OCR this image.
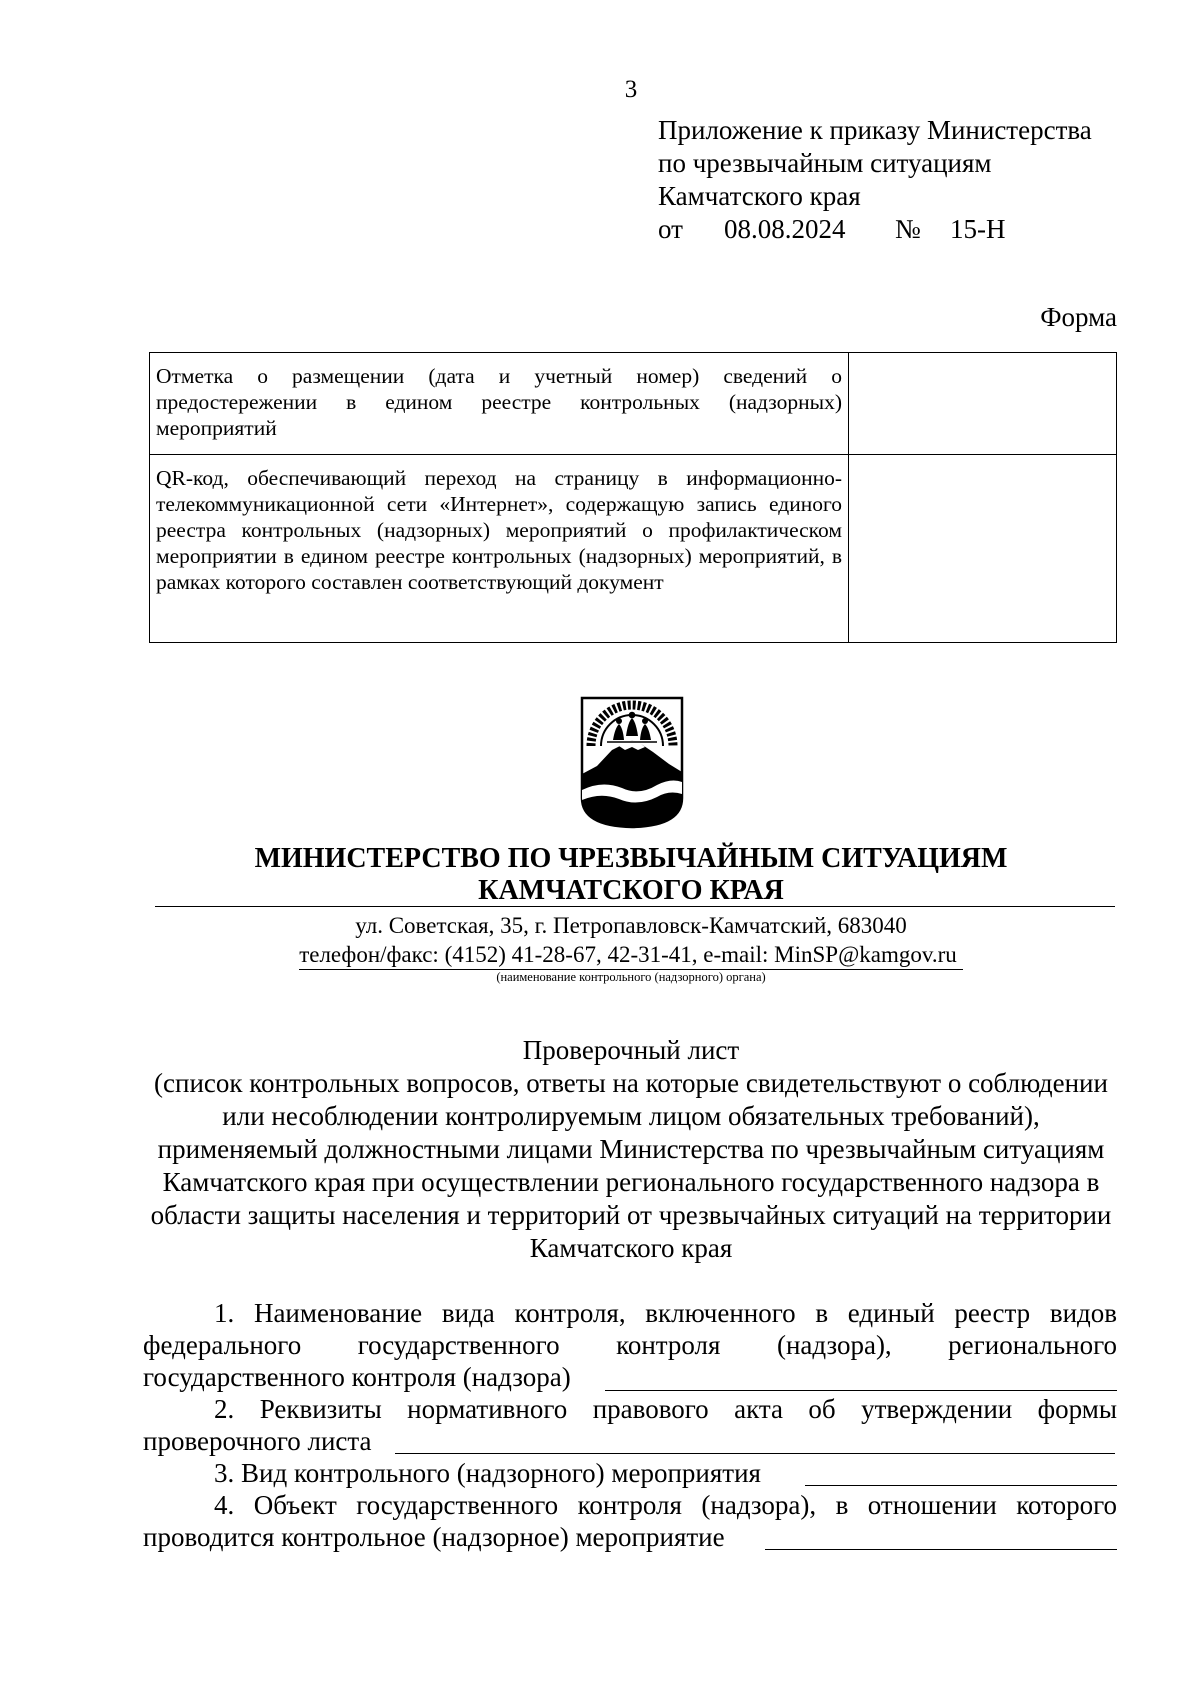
3
Приложение к приказу Министерства
по чрезвычайным ситуациям
Камчатского края
от 08.08.2024 № 15-Н
Форма
Отметка о размещении (дата и учетный номер) сведений о предостережении в едином реестре контрольных (надзорных) мероприятий	
QR-код, обеспечивающий переход на страницу в информационно-телекоммуникационной сети «Интернет», содержащую запись единого реестра контрольных (надзорных) мероприятий о профилактическом мероприятии в едином реестре контрольных (надзорных) мероприятий, в рамках которого составлен соответствующий документ	
МИНИСТЕРСТВО ПО ЧРЕЗВЫЧАЙНЫМ СИТУАЦИЯМ
КАМЧАТСКОГО КРАЯ
ул. Советская, 35, г. Петропавловск-Камчатский, 683040
телефон/факс: (4152) 41-28-67, 42-31-41, e-mail: MinSP@kamgov.ru
(наименование контрольного (надзорного) органа)
Проверочный лист
(список контрольных вопросов, ответы на которые свидетельствуют о соблюдении или несоблюдении контролируемым лицом обязательных требований), применяемый должностными лицами Министерства по чрезвычайным ситуациям Камчатского края при осуществлении регионального государственного надзора в области защиты населения и территорий от чрезвычайных ситуаций на территории Камчатского края

1. Наименование вида контроля, включенного в единый реестр видов федерального государственного контроля (надзора), регионального государственного контроля (надзора)

2. Реквизиты нормативного правового акта об утверждении формы проверочного листа

3. Вид контрольного (надзорного) мероприятия

4. Объект государственного контроля (надзора), в отношении которого проводится контрольное (надзорное) мероприятие
